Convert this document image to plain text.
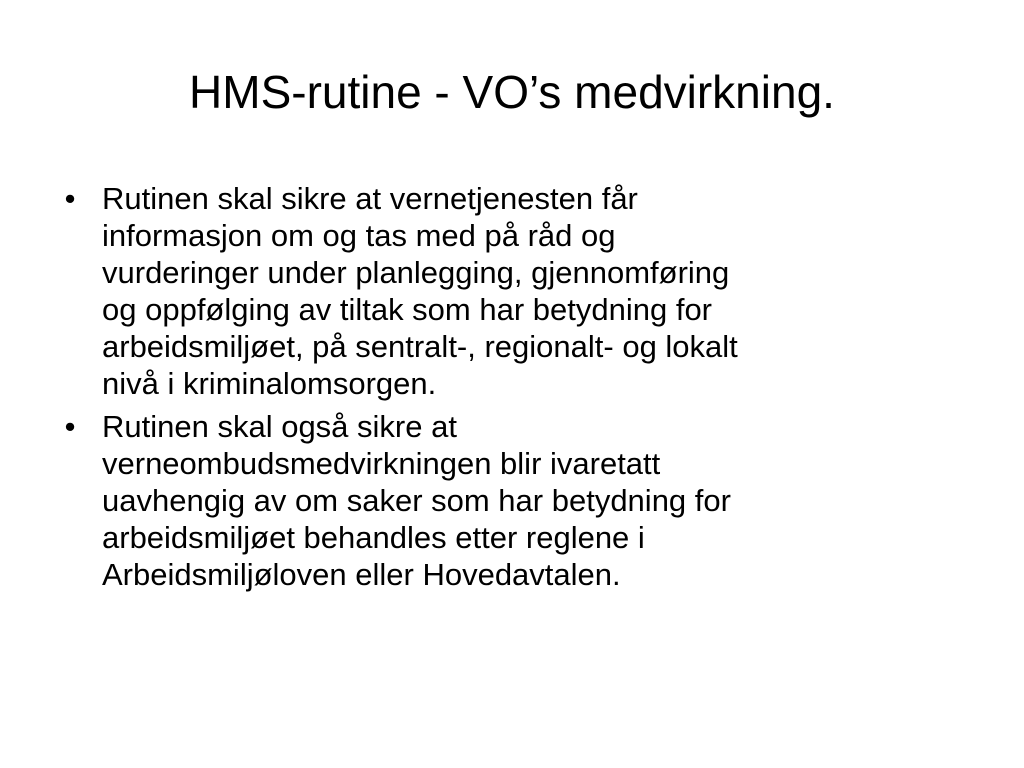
HMS-rutine - VO’s medvirkning.
• Rutinen skal sikre at vernetjenesten får
informasjon om og tas med på råd og
vurderinger under planlegging, gjennomføring
og oppfølging av tiltak som har betydning for
arbeidsmiljøet, på sentralt-, regionalt- og lokalt
nivå i kriminalomsorgen.
• Rutinen skal også sikre at
verneombudsmedvirkningen blir ivaretatt
uavhengig av om saker som har betydning for
arbeidsmiljøet behandles etter reglene i
Arbeidsmiljøloven eller Hovedavtalen.
